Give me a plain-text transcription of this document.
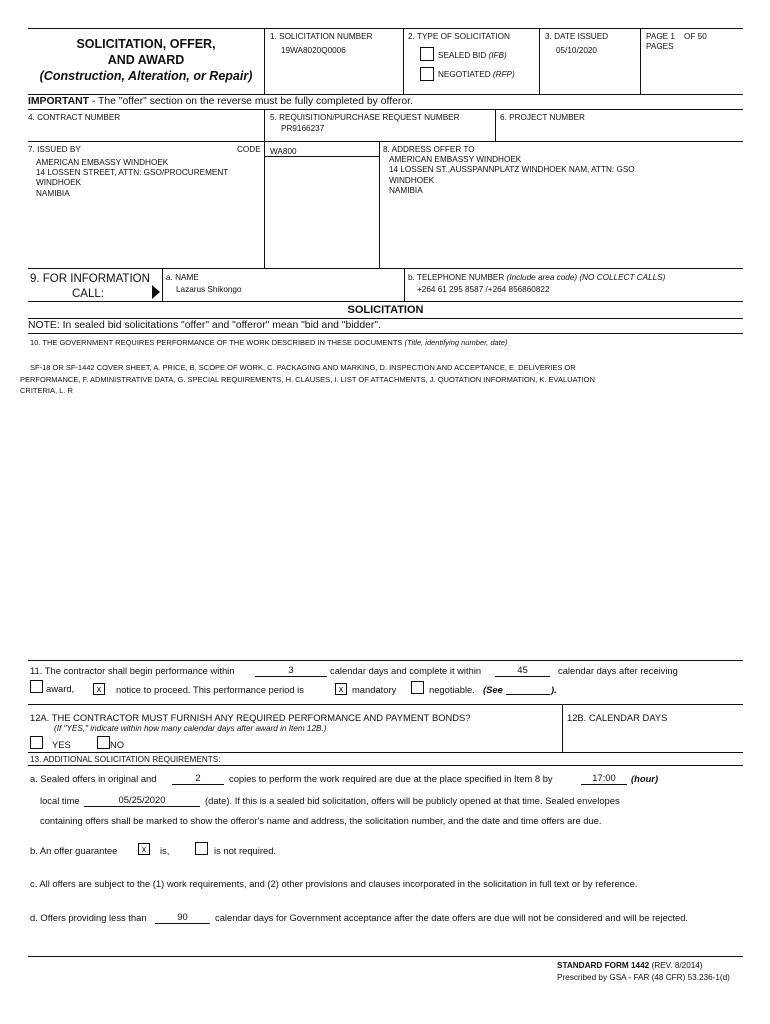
SOLICITATION, OFFER,
AND AWARD
(Construction, Alteration, or Repair)
1. SOLICITATION NUMBER
19WA8020Q0006
2. TYPE OF SOLICITATION
SEALED BID (IFB)
NEGOTIATED (RFP)
3. DATE ISSUED
05/10/2020
PAGE 1 OF 50
PAGES
IMPORTANT - The "offer" section on the reverse must be fully completed by offeror.
4. CONTRACT NUMBER	5. REQUISITION/PURCHASE REQUEST NUMBER
PR9166237
6. PROJECT NUMBER
7. ISSUED BY	CODE WA800
AMERICAN EMBASSY WINDHOEK
14 LOSSEN STREET, ATTN: GSO/PROCUREMENT
WINDHOEK
NAMIBIA
8. ADDRESS OFFER TO
AMERICAN EMBASSY WINDHOEK
14 LOSSEN ST.,AUSSPANNPLATZ WINDHOEK NAM, ATTN: GSO
WINDHOEK
NAMIBIA
9. FOR INFORMATION
CALL:
a. NAME
Lazarus Shikongo
b. TELEPHONE NUMBER (Include area code) (NO COLLECT CALLS)
+264 61 295 8587 /+264 856860822
SOLICITATION
NOTE: In sealed bid solicitations "offer" and "offeror" mean "bid and "bidder".
10. THE GOVERNMENT REQUIRES PERFORMANCE OF THE WORK DESCRIBED IN THESE DOCUMENTS (Title, identifying number, date)
SF-18 OR SF-1442 COVER SHEET, A. PRICE, B. SCOPE OF WORK, C. PACKAGING AND MARKING, D. INSPECTION AND ACCEPTANCE, E. DELIVERIES OR
PERFORMANCE, F. ADMINISTRATIVE DATA, G. SPECIAL REQUIREMENTS, H. CLAUSES, I. LIST OF ATTACHMENTS, J. QUOTATION INFORMATION, K. EVALUATION
CRITERIA, L. R
11. The contractor shall begin performance within	3	calendar days and complete it within	45	calendar days after receiving
award,	x	notice to proceed. This performance period is	x mandatory	negotiable. (See	).
12A. THE CONTRACTOR MUST FURNISH ANY REQUIRED PERFORMANCE AND PAYMENT BONDS?
(If "YES," indicate within how many calendar days after award in Item 12B.)
YES	NO
12B. CALENDAR DAYS
13. ADDITIONAL SOLICITATION REQUIREMENTS:
a. Sealed offers in original and	2	copies to perform the work required are due at the place specified in Item 8 by	17:00	(hour)
local time	05/25/2020	(date). If this is a sealed bid solicitation, offers will be publicly opened at that time. Sealed envelopes
containing offers shall be marked to show the offeror's name and address, the solicitation number, and the date and time offers are due.
b. An offer guarantee	x	is,	is not required.
c. All offers are subject to the (1) work requirements, and (2) other provisions and clauses incorporated in the solicitation in full text or by reference.
d. Offers providing less than	90	calendar days for Government acceptance after the date offers are due will not be considered and will be rejected.
STANDARD FORM 1442 (REV. 8/2014)
Prescribed by GSA - FAR (48 CFR) 53.236-1(d)
